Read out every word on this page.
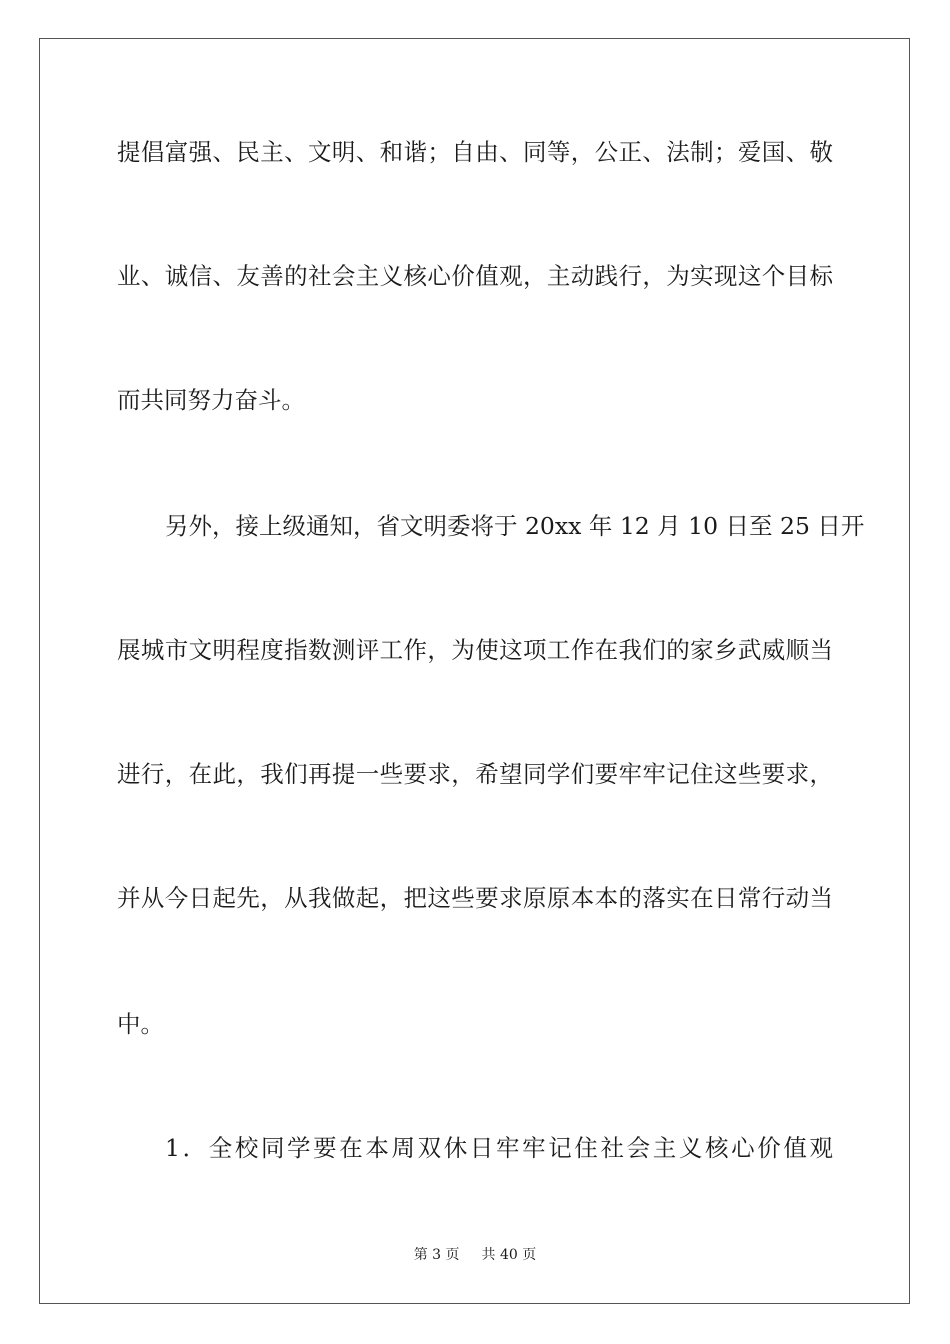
提倡富强、民主、文明、和谐；自由、同等，公正、法制；爱国、敬
业、诚信、友善的社会主义核心价值观，主动践行，为实现这个目标
而共同努力奋斗。
另外，接上级通知，省文明委将于 20xx 年 12 月 10 日至 25 日开
展城市文明程度指数测评工作，为使这项工作在我们的家乡武威顺当
进行，在此，我们再提一些要求，希望同学们要牢牢记住这些要求，
并从今日起先，从我做起，把这些要求原原本本的落实在日常行动当
中。
1．全校同学要在本周双休日牢牢记住社会主义核心价值观
第 3 页 共 40 页
